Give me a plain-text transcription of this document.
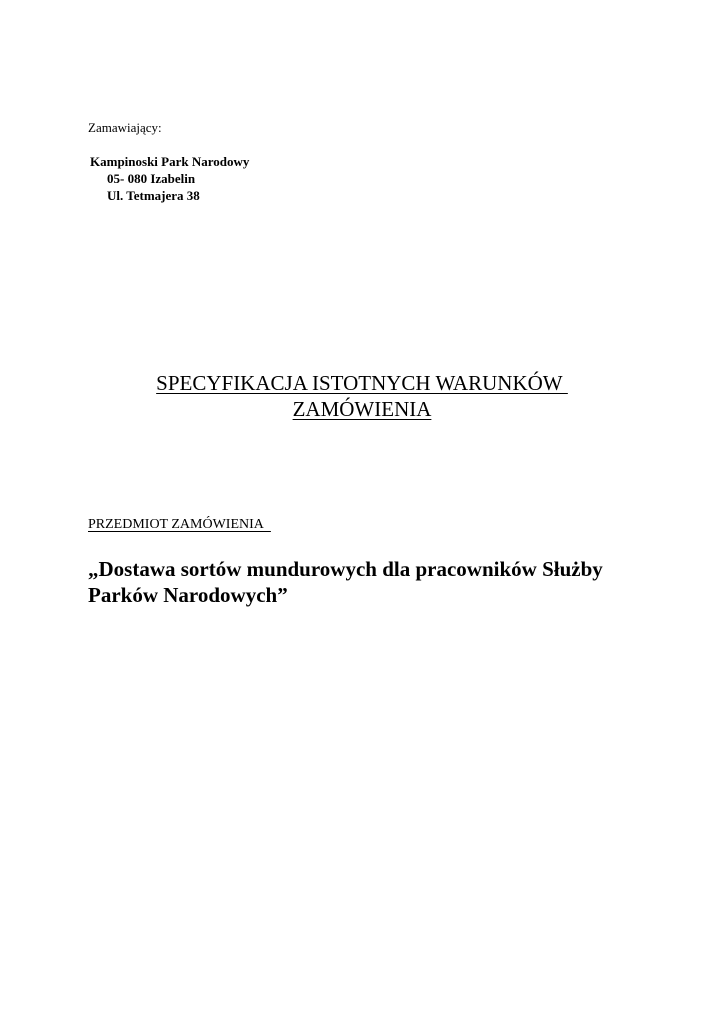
Zamawiający:
Kampinoski Park Narodowy
05- 080 Izabelin
Ul. Tetmajera 38
SPECYFIKACJA ISTOTNYCH WARUNKÓW
ZAMÓWIENIA
PRZEDMIOT ZAMÓWIENIA
„Dostawa sortów mundurowych dla pracowników Służby Parków Narodowych”
